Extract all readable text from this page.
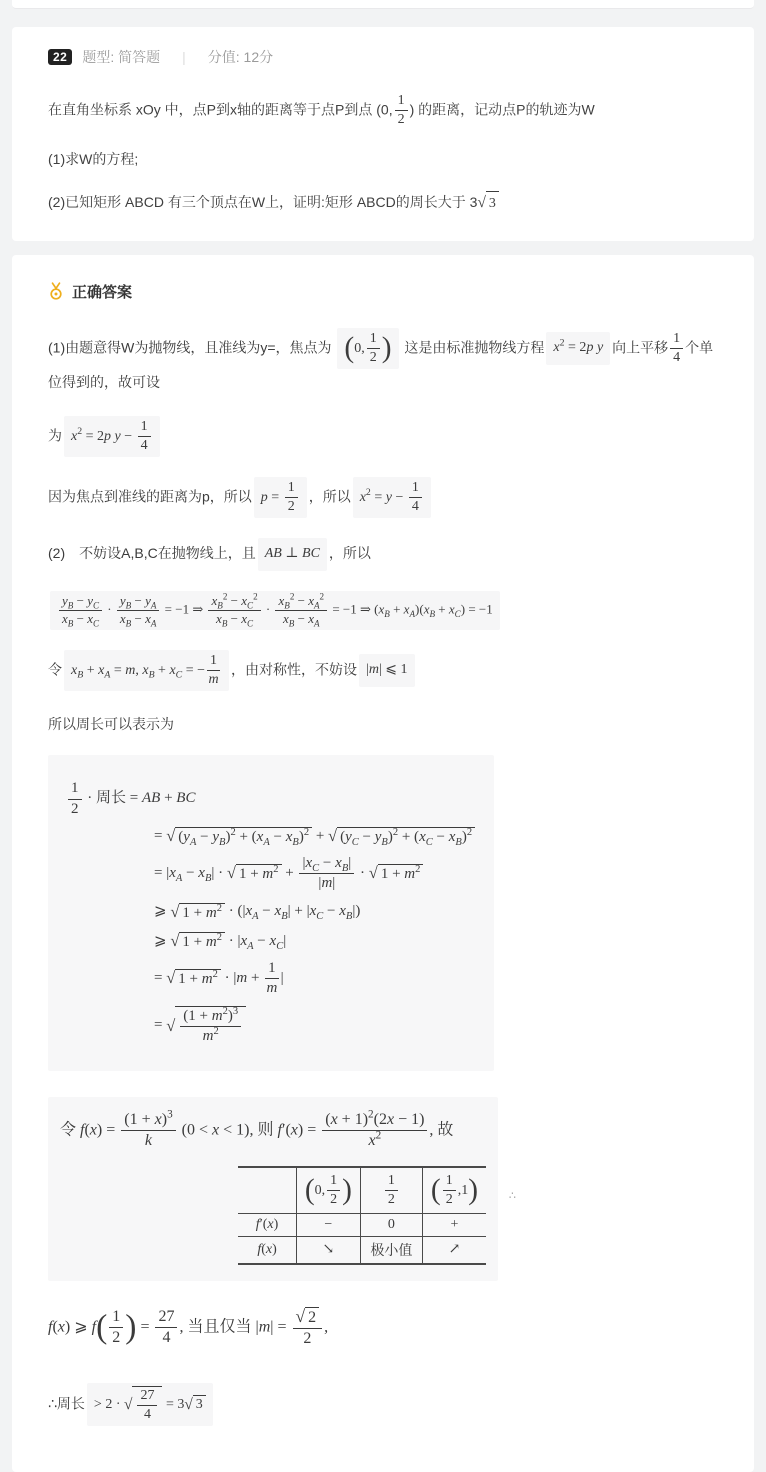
22	题型: 简答题 | 分值: 12分

在直角坐标系 xOy 中，点P到x轴的距离等于点P到点 (0, $\frac{1}{2}$ ) 的距离，记动点P的轨迹为W

(1)求W的方程;

(2)已知矩形 ABCD 有三个顶点在W上，证明:矩形 ABCD的周长大于 3 √ 3

正确答案

(1)由题意得W为抛物线，且准线为y=，焦点为 (0, $\frac{1}{2}$ ) 这是由标准抛物线方程 $x^2 = 2p$ y 向上平移 $\frac{1}{4}$ 个单位得到的，故可设

为 $x^2 = 2p$ $y - \frac{1}{4}$

因为焦点到准线的距离为p，所以 $p = \frac{1}{2}$ ，所以 $x^2 = y - \frac{1}{4}$

(2)　不妨设A,B,C在抛物线上，且 AB ⊥ BC ，所以

$\frac{y_B - y_C}{x_B - x_C} \cdot \frac{y_B - y_A}{x_B - x_A} = -1$ ⇒ $\frac{x_B^2 - x_C^2}{x_B - x_C} \cdot \frac{x_B^2 - x_A^2}{x_B - x_A} = -1$ ⇒ $(x_B + x_A)(x_B + x_C) = -1$

令 $x_B + x_A = m$, $x_B + x_C$ = − $\frac{1}{m}$ ，由对称性，不妨设 |m| ⩽ 1

所以周长可以表示为

$\frac{1}{2}$ · 周长 = AB + BC
= √ $(y_A - y_B)^2 + (x_A - x_B)^2$ + √ $(y_C - y_B)^2 + (x_C - x_B)^2$
= $|x_A - x_B|$ · √ $1 + m^2 + \frac{|x_C - x_B|}{|m|}$ · √ $1 + m^2$
⩾ √ $1 + m^2 \cdot (|x_A - x_B| + |x_C - x_B|)$
⩾ √ $1 + m^2 \cdot |x_A - x_C|$
= √ $1 + m^2 \cdot |m + \frac{1}{m}$ |
= √ $\frac{(1 + m^2)^3}{m^2}$
令 $f(x) = \frac{(1 + x)^3}{k} (0 < x < 1)$, 则 $f'(x) = \frac{(x + 1)^2(2x - 1)}{x^2}$ , 故
	(0, $\frac{1}{2}$ )	$\frac{1}{2}$	( $\frac{1}{2} ,1$)
f′(x)	−	0	+
f(x)	↘	极小值	↗
∴

f(x) ⩾ $f( \frac{1}{2}$ ) = $\frac{27}{4}$ , 当且仅当 $|m| = \frac{√ 2}{2}$ ,

∴周长> 2 · √ $\frac{27}{4} = 3$ √ 3
